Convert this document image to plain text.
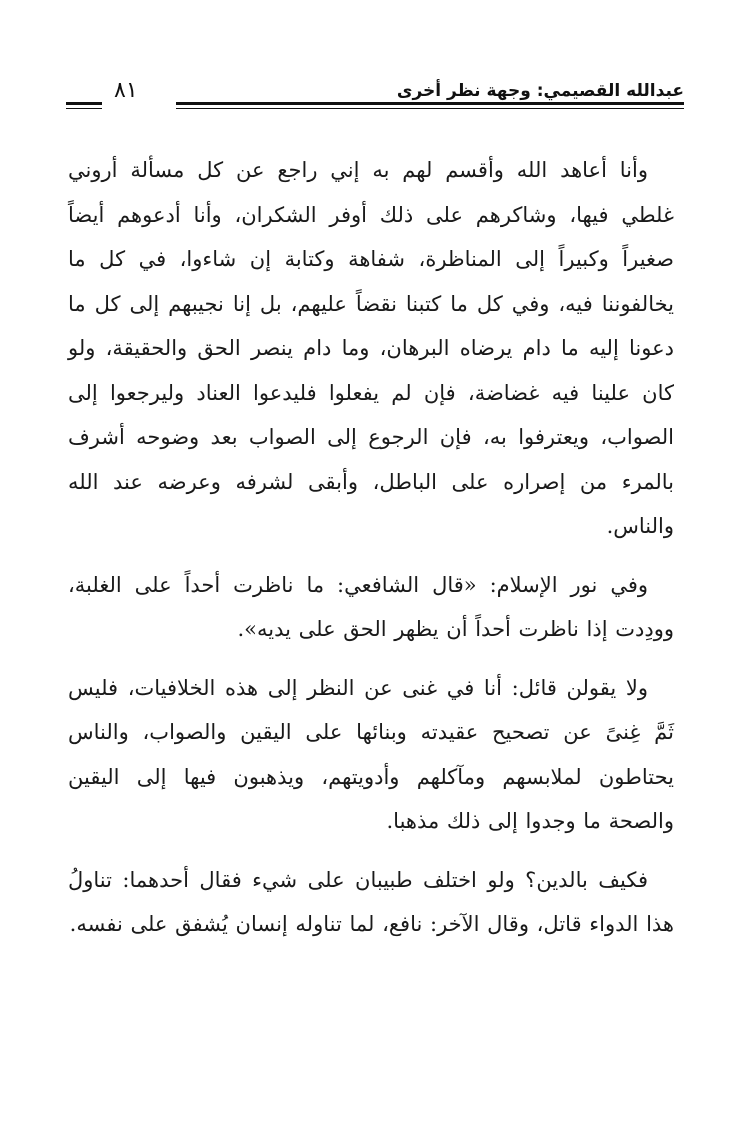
عبدالله القصيمي: وجهة نظر أخرى
٨١

وأنا أعاهد الله وأقسم لهم به إني راجع عن كل مسألة أروني غلطي فيها، وشاكرهم على ذلك أوفر الشكران، وأنا أدعوهم أيضاً صغيراً وكبيراً إلى المناظرة، شفاهة وكتابة إن شاءوا، في كل ما يخالفوننا فيه، وفي كل ما كتبنا نقضاً عليهم، بل إنا نجيبهم إلى كل ما دعونا إليه ما دام يرضاه البرهان، وما دام ينصر الحق والحقيقة، ولو كان علينا فيه غضاضة، فإن لم يفعلوا فليدعوا العناد وليرجعوا إلى الصواب، ويعترفوا به، فإن الرجوع إلى الصواب بعد وضوحه أشرف بالمرء من إصراره على الباطل، وأبقى لشرفه وعرضه عند الله والناس.

وفي نور الإسلام: «قال الشافعي: ما ناظرت أحداً على الغلبة، وودِدت إذا ناظرت أحداً أن يظهر الحق على يديه».

ولا يقولن قائل: أنا في غنى عن النظر إلى هذه الخلافيات، فليس ثَمَّ غِنىً عن تصحيح عقيدته وبنائها على اليقين والصواب، والناس يحتاطون لملابسهم ومآكلهم وأدويتهم، ويذهبون فيها إلى اليقين والصحة ما وجدوا إلى ذلك مذهبا.

فكيف بالدين؟ ولو اختلف طبيبان على شيء فقال أحدهما: تناولُ هذا الدواء قاتل، وقال الآخر: نافع، لما تناوله إنسان يُشفق على نفسه.
